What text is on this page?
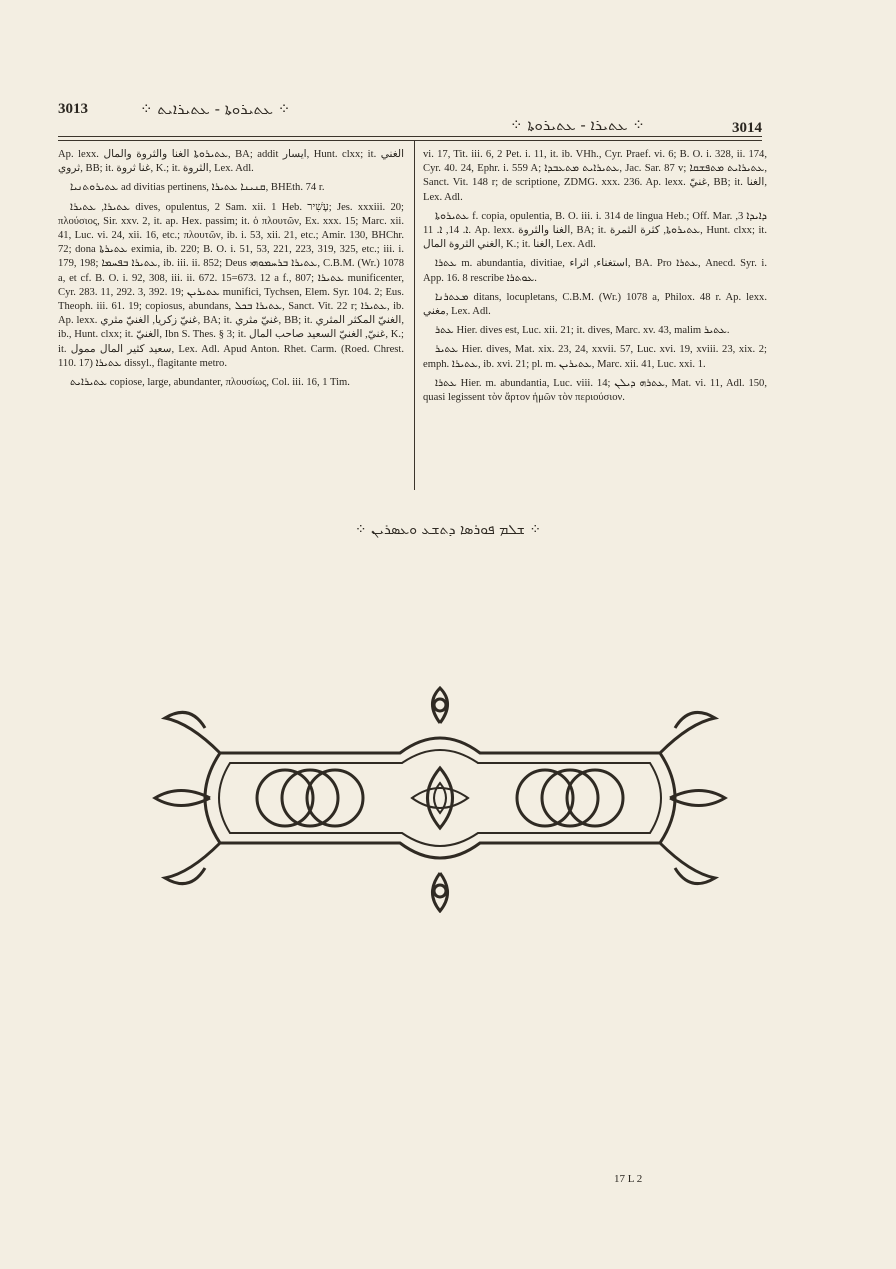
3013	⁘ ܥܬܝܪܘܬܐ - ܥܬܝܪܐܝܬ ⁘
⁘ ܥܬܝܪܐ - ܥܬܝܪܘܬܐ ⁘	3014

Ap. lexx. ܥܬܝܪܘܬܐ الغنا والثروة والمال, BA; addit ايسار, Hunt. clxx; it. الغني ثروي, BB; it. غنا ثروة, K.; it. الثروة, Lex. Adl.

ܥܬܝܪܘܬܢܝܐ ad divitias pertinens, ܩܢܝܢܐ ܥܬܝܪܐ, BHEth. 74 r.

ܥܬܝܪܐ, ܥܬܝܪܐ dives, opulentus, 2 Sam. xii. 1 Heb. עָשִׁיר; Jes. xxxiii. 20; πλούσιος, Sir. xxv. 2, it. ap. Hex. passim; it. ὁ πλουτῶν, Ex. xxx. 15; Marc. xii. 41, Luc. vi. 24, xii. 16, etc.; πλουτῶν, ib. i. 53, xii. 21, etc.; Amir. 130, BHChr. 72; dona ܥܬܝܪܬܐ eximia, ib. 220; B. O. i. 51, 53, 221, 223, 319, 325, etc.; iii. i. 179, 198; ܥܬܝܪܐ ܒܦܚܡܐ, ib. iii. ii. 852; Deus ܥܬܝܪܐ ܒܪܚܡܘܗܝ, C.B.M. (Wr.) 1078 a, et cf. B. O. i. 92, 308, iii. ii. 672. 15=673. 12 a f., 807; ܥܬܝܪܐ munificenter, Cyr. 283. 11, 292. 3, 392. 19; ܥܬܝܪܝܢ munifici, Tychsen, Elem. Syr. 104. 2; Eus. Theoph. iii. 61. 19; copiosus, abundans, ܥܬܝܪܐ ܒܟܠ, Sanct. Vit. 22 r; ܥܬܝܪܐ, ib. Ap. lexx. غنيّ زكريا, الغنيّ مثري, BA; it. غنيّ مثري, BB; it. الغنيّ المكثر المثري, ib., Hunt. clxx; it. الغنيّ, Ibn S. Thes. § 3; it. غنيّ, الغنيّ السعيد صاحب المال, K.; it. سعيد كثير المال ممول, Lex. Adl. Apud Anton. Rhet. Carm. (Roed. Chrest. 110. 17) ܥܬܝܪܐ dissyl., flagitante metro.

ܥܬܝܪܐܝܬ copiose, large, abundanter, πλουσίως, Col. iii. 16, 1 Tim.

vi. 17, Tit. iii. 6, 2 Pet. i. 11, it. ib. VHh., Cyr. Praef. vi. 6; B. O. i. 328, ii. 174, Cyr. 40. 24, Ephr. i. 559 A; ܥܬܝܪܐܝܬ ܡܬܥܒܕܐ, Jac. Sar. 87 v; ܥܬܝܪܐܝܬ ܡܬܦܫܩܐ, Sanct. Vit. 148 r; de scriptione, ZDMG. xxx. 236. Ap. lexx. غنيّ, BB; it. الغنا, Lex. Adl.

ܥܬܝܪܘܬܐ f. copia, opulentia, B. O. iii. i. 314 de lingua Heb.; Off. Mar. ܕܐܝܕܐ 3, ܐ. 14, ܐ. 11. Ap. lexx. الغنا والثروة, BA; it. ܥܬܝܪܘܬܐ, كثرة الثمرة, Hunt. clxx; it. الغني الثروة المال, K.; it. الغنا, Lex. Adl.

ܥܬܪܐ m. abundantia, divitiae, استغناء, اثراء, BA. Pro ܥܬܪܐ, Anecd. Syr. i. App. 16. 8 rescribe ܥܘܬܪܐ.

ܡܥܬܪܢܐ ditans, locupletans, C.B.M. (Wr.) 1078 a, Philox. 48 r. Ap. lexx. مغني, Lex. Adl.

ܥܬܪ Hier. dives est, Luc. xii. 21; it. dives, Marc. xv. 43, malim ܥܬܝܪ.

ܥܬܝܪ Hier. dives, Mat. xix. 23, 24, xxvii. 57, Luc. xvi. 19, xviii. 23, xix. 2; emph. ܥܬܝܪܐ, ib. xvi. 21; pl. m. ܥܬܝܪܝܢ, Marc. xii. 41, Luc. xxi. 1.

ܥܬܪܐ Hier. m. abundantia, Luc. viii. 14; ܥܬܪܗ ܕܝܠܢ, Mat. vi. 11, Adl. 150, quasi legissent τὸν ἄρτον ἡμῶν τὸν περιούσιον.

⁘ ܫܠܡ ܦܘܪܣܐ ܕܬܫܥ ܘܥܣܪܝܢ ⁘
17 L 2
